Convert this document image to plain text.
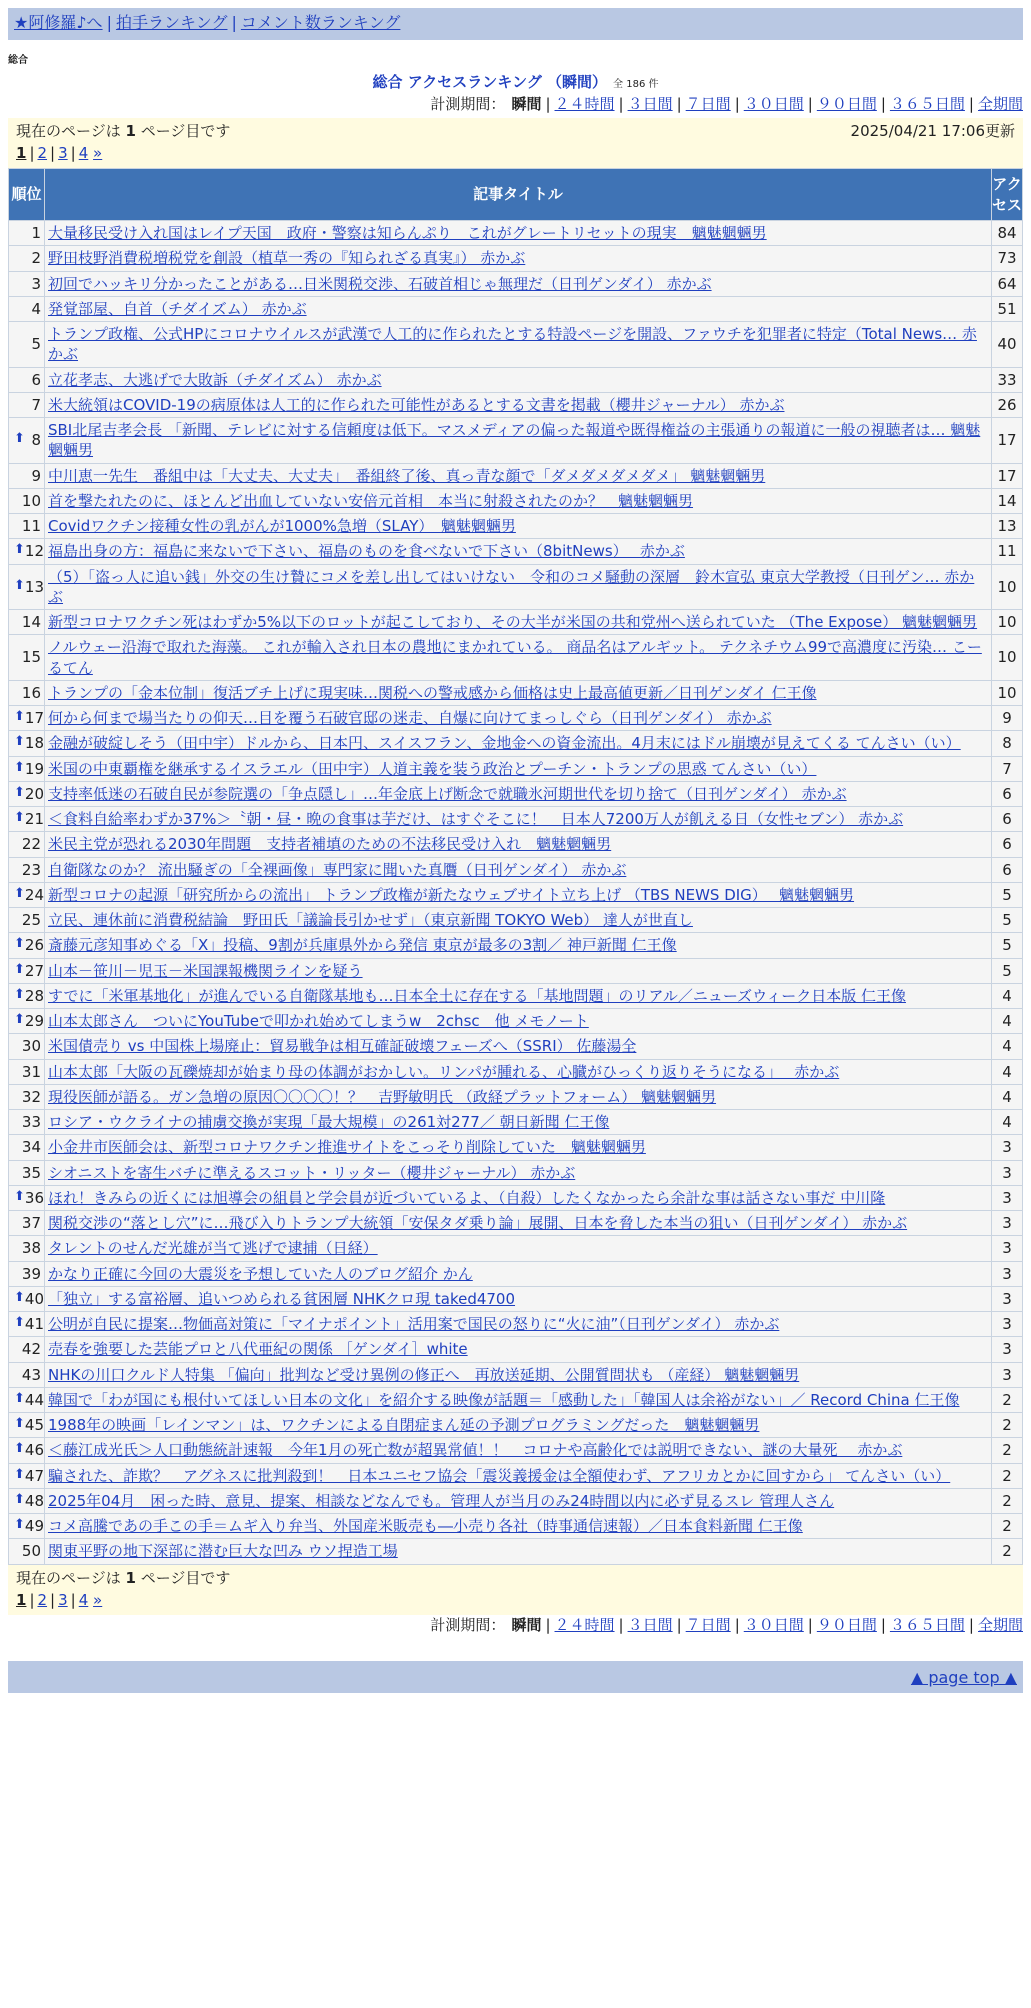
★阿修羅♪へ | 拍手ランキング | コメント数ランキング
総合
総合 アクセスランキング （瞬間） 全 186 件
計測期間： 瞬間 | ２４時間 | ３日間 | ７日間 | ３０日間 | ９０日間 | ３６５日間 | 全期間
現在のページは 1 ページ目です	2025/04/21 17:06更新
1 | 2 | 3 | 4 »
順位	記事タイトル	アクセス
1	大量移民受け入れ国はレイプ天国　政府・警察は知らんぷり　これがグレートリセットの現実　魑魅魍魎男	84
2	野田枝野消費税増税党を創設（植草一秀の『知られざる真実』） 赤かぶ	73
3	初回でハッキリ分かったことがある…日米関税交渉、石破首相じゃ無理だ（日刊ゲンダイ） 赤かぶ	64
4	発覚部屋、自首（チダイズム） 赤かぶ	51
5	トランプ政権、公式HPにコロナウイルスが武漢で人工的に作られたとする特設ページを開設、ファウチを犯罪者に特定（Total News… 赤かぶ	40
6	立花孝志、大逃げで大敗訴（チダイズム） 赤かぶ	33
7	米大統領はCOVID-19の病原体は人工的に作られた可能性があるとする文書を掲載（櫻井ジャーナル） 赤かぶ	26

⬆ 8	SBI北尾吉孝会長 「新聞、テレビに対する信頼度は低下。マスメディアの偏った報道や既得権益の主張通りの報道に一般の視聴者は… 魑魅魍魎男	17
9	中川恵一先生　番組中は「大丈夫、大丈夫」　番組終了後、真っ青な顔で「ダメダメダメダメ」 魑魅魍魎男	17
10	首を撃たれたのに、ほとんど出血していない安倍元首相　本当に射殺されたのか？　魑魅魍魎男	14
11	Covidワクチン接種女性の乳がんが1000%急増（SLAY）　魑魅魍魎男	13

⬆ 12	福島出身の方：福島に来ないで下さい、福島のものを食べないで下さい（8bitNews）　 赤かぶ	11

⬆ 13	（5）「盗っ人に追い銭」外交の生け贄にコメを差し出してはいけない　令和のコメ騒動の深層　鈴木宣弘 東京大学教授（日刊ゲン… 赤かぶ	10
14	新型コロナワクチン死はわずか5%以下のロットが起こしており、その大半が米国の共和党州へ送られていた （The Expose） 魑魅魍魎男	10
15	ノルウェー沿海で取れた海藻。 これが輸入され日本の農地にまかれている。 商品名はアルギット。 テクネチウム99で高濃度に汚染… こーるてん	10
16	トランプの「金本位制」復活ブチ上げに現実味…関税への警戒感から価格は史上最高値更新／日刊ゲンダイ 仁王像	10

⬆ 17	何から何まで場当たりの仰天…目を覆う石破官邸の迷走、自爆に向けてまっしぐら（日刊ゲンダイ） 赤かぶ	9

⬆ 18	金融が破綻しそう（田中宇）ドルから、日本円、スイスフラン、金地金への資金流出。4月末にはドル崩壊が見えてくる てんさい（い）	8

⬆ 19	米国の中東覇権を継承するイスラエル（田中宇）人道主義を装う政治とプーチン・トランプの思惑 てんさい（い）	7

⬆ 20	支持率低迷の石破自民が参院選の「争点隠し」…年金底上げ断念で就職氷河期世代を切り捨て（日刊ゲンダイ） 赤かぶ	6

⬆ 21	＜食料自給率わずか37%＞〝朝・昼・晩の食事は芋だけ、はすぐそこに！　日本人7200万人が飢える日（女性セブン） 赤かぶ	6
22	米民主党が恐れる2030年問題　支持者補填のための不法移民受け入れ　魑魅魍魎男	6
23	自衛隊なのか？ 流出騒ぎの「全裸画像」専門家に聞いた真贋（日刊ゲンダイ） 赤かぶ	6

⬆ 24	新型コロナの起源「研究所からの流出」 トランプ政権が新たなウェブサイト立ち上げ （TBS NEWS DIG）　 魑魅魍魎男	5
25	立民、連休前に消費税結論　野田氏「議論長引かせず」（東京新聞 TOKYO Web） 達人が世直し	5

⬆ 26	斎藤元彦知事めぐる「X」投稿、9割が兵庫県外から発信 東京が最多の3割／ 神戸新聞 仁王像	5

⬆ 27	山本－笹川－児玉－米国課報機関ラインを疑う	5

⬆ 28	すでに「米軍基地化」が進んでいる自衛隊基地も…日本全土に存在する「基地問題」のリアル／ニューズウィーク日本版 仁王像	4

⬆ 29	山本太郎さん　ついにYouTubeで叩かれ始めてしまうw　2chsc　他 メモノート	4
30	米国債売り vs 中国株上場廃止：貿易戦争は相互確証破壊フェーズへ（SSRI） 佐藤湯全	4
31	山本太郎「大阪の瓦礫焼却が始まり母の体調がおかしい。リンパが腫れる、心臓がひっくり返りそうになる」　 赤かぶ	4
32	現役医師が語る。ガン急増の原因〇〇〇〇！？　吉野敏明氏 （政経プラットフォーム） 魑魅魍魎男	4
33	ロシア・ウクライナの捕虜交換が実現「最大規模」の261対277／ 朝日新聞 仁王像	4
34	小金井市医師会は、新型コロナワクチン推進サイトをこっそり削除していた　魑魅魍魎男	3
35	シオニストを寄生バチに準えるスコット・リッター（櫻井ジャーナル） 赤かぶ	3

⬆ 36	ほれ！きみらの近くには旭導会の組員と学会員が近づいているよ、（自殺）したくなかったら余計な事は話さない事だ 中川隆	3
37	関税交渉の“落とし穴”に…飛び入りトランプ大統領「安保タダ乗り論」展開、日本を脅した本当の狙い（日刊ゲンダイ） 赤かぶ	3
38	タレントのせんだ光雄が当て逃げで逮捕（日経）	3
39	かなり正確に今回の大震災を予想していた人のブログ紹介 かん	3

⬆ 40	「独立」する富裕層、追いつめられる貧困層 NHKクロ現 taked4700	3

⬆ 41	公明が自民に提案…物価高対策に「マイナポイント」活用案で国民の怒りに“火に油”（日刊ゲンダイ） 赤かぶ	3
42	売春を強要した芸能プロと八代亜紀の関係 ［ゲンダイ］white	3
43	NHKの川口クルド人特集 「偏向」批判など受け異例の修正へ　再放送延期、公開質問状も （産経） 魑魅魍魎男	3

⬆ 44	韓国で「わが国にも根付いてほしい日本の文化」を紹介する映像が話題＝「感動した」「韓国人は余裕がない」／ Record China 仁王像	2

⬆ 45	1988年の映画「レインマン」は、ワクチンによる自閉症まん延の予測プログラミングだった　魑魅魍魎男	2

⬆ 46	＜藤江成光氏＞人口動態統計速報　今年1月の死亡数が超異常値！！　コロナや高齢化では説明できない、謎の大量死　 赤かぶ	2

⬆ 47	騙された、詐欺？　アグネスに批判殺到！　日本ユニセフ協会「震災義援金は全額使わず、アフリカとかに回すから」 てんさい（い）	2

⬆ 48	2025年04月　困った時、意見、提案、相談などなんでも。管理人が当月のみ24時間以内に必ず見るスレ 管理人さん	2

⬆ 49	コメ高騰であの手この手＝ムギ入り弁当、外国産米販売も―小売り各社（時事通信速報）／日本食料新聞 仁王像	2
50	関東平野の地下深部に潜む巨大な凹み ウソ捏造工場	2
現在のページは 1 ページ目です
1 | 2 | 3 | 4 »
計測期間： 瞬間 | ２４時間 | ３日間 | ７日間 | ３０日間 | ９０日間 | ３６５日間 | 全期間
▲ page top ▲
